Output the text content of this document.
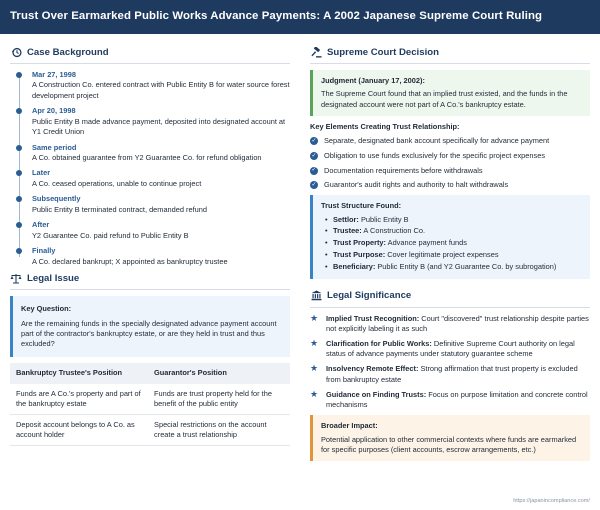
Trust Over Earmarked Public Works Advance Payments: A 2002 Japanese Supreme Court Ruling
Case Background
Mar 27, 1998
A Construction Co. entered contract with Public Entity B for water source forest development project
Apr 20, 1998
Public Entity B made advance payment, deposited into designated account at Y1 Credit Union
Same period
A Co. obtained guarantee from Y2 Guarantee Co. for refund obligation
Later
A Co. ceased operations, unable to continue project
Subsequently
Public Entity B terminated contract, demanded refund
After
Y2 Guarantee Co. paid refund to Public Entity B
Finally
A Co. declared bankrupt; X appointed as bankruptcy trustee
Legal Issue
Key Question:
Are the remaining funds in the specially designated advance payment account part of the contractor's bankruptcy estate, or are they held in trust and thus excluded?
Bankruptcy Trustee's Position	Guarantor's Position
Funds are A Co.'s property and part of the bankruptcy estate	Funds are trust property held for the benefit of the public entity
Deposit account belongs to A Co. as account holder	Special restrictions on the account create a trust relationship
Supreme Court Decision
Judgment (January 17, 2002):
The Supreme Court found that an implied trust existed, and the funds in the designated account were not part of A Co.'s bankruptcy estate.
Key Elements Creating Trust Relationship:
✓ Separate, designated bank account specifically for advance payment
✓ Obligation to use funds exclusively for the specific project expenses
✓ Documentation requirements before withdrawals
✓ Guarantor's audit rights and authority to halt withdrawals
Trust Structure Found:
• Settlor: Public Entity B
• Trustee: A Construction Co.
• Trust Property: Advance payment funds
• Trust Purpose: Cover legitimate project expenses
• Beneficiary: Public Entity B (and Y2 Guarantee Co. by subrogation)
Legal Significance
★ Implied Trust Recognition: Court "discovered" trust relationship despite parties not explicitly labeling it as such
★ Clarification for Public Works: Definitive Supreme Court authority on legal status of advance payments under statutory guarantee scheme
★ Insolvency Remote Effect: Strong affirmation that trust property is excluded from bankruptcy estate
★ Guidance on Finding Trusts: Focus on purpose limitation and concrete control mechanisms
Broader Impact:
Potential application to other commercial contexts where funds are earmarked for specific purposes (client accounts, escrow arrangements, etc.)
https://japanincompliance.com/
